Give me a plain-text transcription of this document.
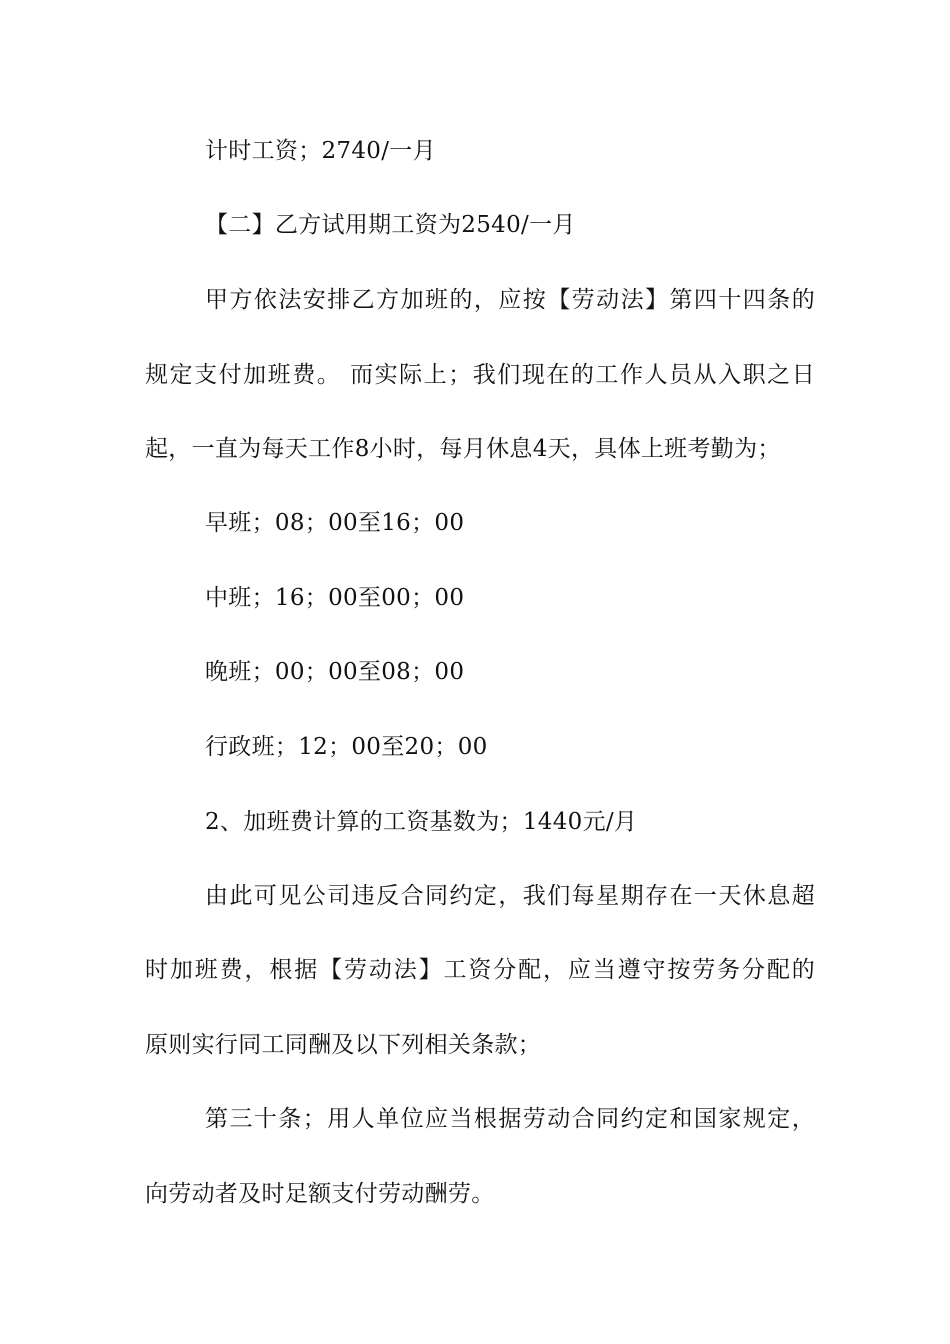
计时工资；2740/一月
【二】乙方试用期工资为2540/一月
甲方依法安排乙方加班的，应按【劳动法】第四十四条的
规定支付加班费。 而实际上；我们现在的工作人员从入职之日
起，一直为每天工作8小时，每月休息4天，具体上班考勤为；
早班；08；00至16；00
中班；16；00至00；00
晚班；00；00至08；00
行政班；12；00至20；00
2、加班费计算的工资基数为；1440元/月
由此可见公司违反合同约定，我们每星期存在一天休息超
时加班费，根据【劳动法】工资分配，应当遵守按劳务分配的
原则实行同工同酬及以下列相关条款；
第三十条；用人单位应当根据劳动合同约定和国家规定，
向劳动者及时足额支付劳动酬劳。
